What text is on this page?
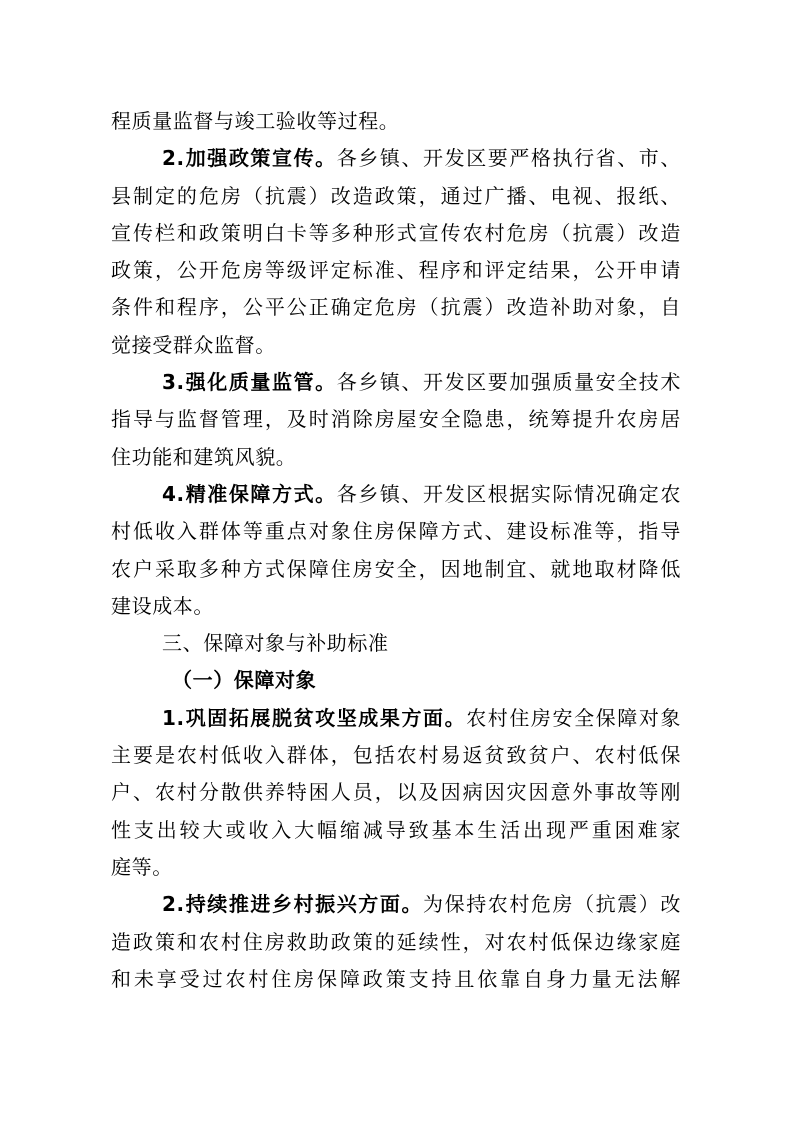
程质量监督与竣工验收等过程。
2.加强政策宣传。各乡镇、开发区要严格执行省、市、
县制定的危房（抗震）改造政策，通过广播、电视、报纸、
宣传栏和政策明白卡等多种形式宣传农村危房（抗震）改造
政策，公开危房等级评定标准、程序和评定结果，公开申请
条件和程序，公平公正确定危房（抗震）改造补助对象，自
觉接受群众监督。
3.强化质量监管。各乡镇、开发区要加强质量安全技术
指导与监督管理，及时消除房屋安全隐患，统筹提升农房居
住功能和建筑风貌。
4.精准保障方式。各乡镇、开发区根据实际情况确定农
村低收入群体等重点对象住房保障方式、建设标准等，指导
农户采取多种方式保障住房安全，因地制宜、就地取材降低
建设成本。
三、保障对象与补助标准
（一）保障对象
1.巩固拓展脱贫攻坚成果方面。农村住房安全保障对象
主要是农村低收入群体，包括农村易返贫致贫户、农村低保
户、农村分散供养特困人员，以及因病因灾因意外事故等刚
性支出较大或收入大幅缩减导致基本生活出现严重困难家
庭等。
2.持续推进乡村振兴方面。为保持农村危房（抗震）改
造政策和农村住房救助政策的延续性，对农村低保边缘家庭
和未享受过农村住房保障政策支持且依靠自身力量无法解
